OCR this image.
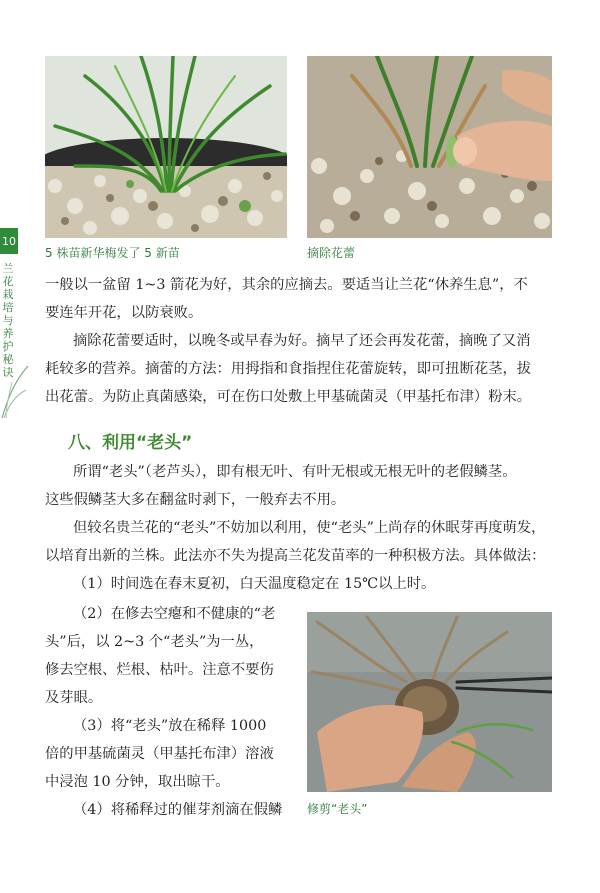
10
兰花栽培与养护秘诀
5 株苗新华梅发了 5 新苗	摘除花蕾

一般以一盆留 1~3 箭花为好，其余的应摘去。要适当让兰花“休养生息”，不
要连年开花，以防衰败。

摘除花蕾要适时，以晚冬或早春为好。摘早了还会再发花蕾，摘晚了又消
耗较多的营养。摘蕾的方法：用拇指和食指捏住花蕾旋转，即可扭断花茎，拔
出花蕾。为防止真菌感染，可在伤口处敷上甲基硫菌灵（甲基托布津）粉末。

八、利用“老头”

所谓“老头”（老芦头），即有根无叶、有叶无根或无根无叶的老假鳞茎。
这些假鳞茎大多在翻盆时剥下，一般弃去不用。

但较名贵兰花的“老头”不妨加以利用，使“老头”上尚存的休眠芽再度萌发，
以培育出新的兰株。此法亦不失为提高兰花发苗率的一种积极方法。具体做法：

（1）时间选在春末夏初，白天温度稳定在 15℃以上时。

（2）在修去空瘪和不健康的“老
头”后，以 2~3 个“老头”为一丛，
修去空根、烂根、枯叶。注意不要伤
及芽眼。

（3）将“老头”放在稀释 1000
倍的甲基硫菌灵（甲基托布津）溶液
中浸泡 10 分钟，取出晾干。

（4）将稀释过的催芽剂滴在假鳞	修剪“老头”
